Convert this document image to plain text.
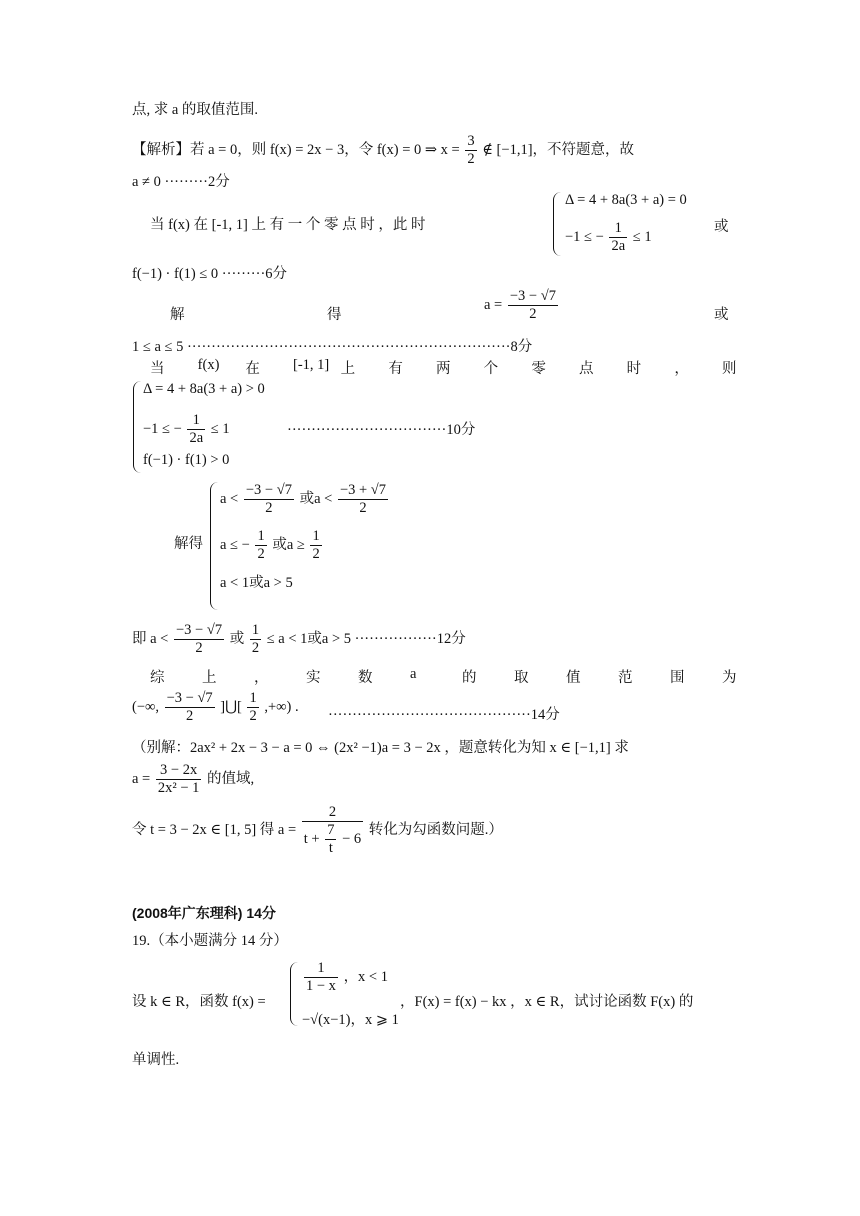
点, 求 a 的取值范围.
【解析】若 a = 0，则 f(x) = 2x − 3，令 f(x) = 0 ⇒ $x = \frac{3}{2}$ ∉ [−1,1]，不符题意，故
a ≠ 0 ·········2分
当 f(x) 在 [-1, 1] 上 有 一 个 零 点 时 ，此 时
Δ = 4 + 8a(3 + a) = 0
−1 ≤ − $\frac{1}{2a} \le 1$
或
f(−1) · f(1) ≤ 0 ·········6分
解	得
$a = \frac{-3 - √7}{2}$	或
1 ≤ a ≤ 5 ···································································8分
当 f(x) 在 [-1, 1] 上 有 两 个 零 点 时 ， 则
Δ = 4 + 8a(3 + a) > 0
−1 ≤ − $\frac{1}{2a} \le 1$	·································10分
f(−1) · f(1) > 0
解得
$a < \frac{-3 - √7}{2}$ 或$a < \frac{-3 + √7}{2}$
a ≤ − $\frac{1}{2}$ 或$a \ge \frac{1}{2}$
a < 1或a > 5
即 $a < \frac{-3 - √7}{2}$ 或 $\frac{1}{2} \le a < 1$或a > 5 ·················12分
综	上	，	实	数	a	的	取	值	范	围	为
(−∞, $\frac{-3 - √7}{2}$ ]⋃[ $\frac{1}{2}$ ,+∞) .
··········································14分
（别解：2ax² + 2x − 3 − a = 0 ⇔ (2x² −1)a = 3 − 2x ，题意转化为知 x ∈ [−1,1] 求
$a = \frac{3 - 2x}{\text{2x² − 1}}$ 的值域,
令 t = 3 − 2x ∈ [1, 5] 得 $a = \frac{2}{t + \frac{7}{t} - 6}$ 转化为勾函数问题.）
(2008年广东理科) 14分
19.（本小题满分 14 分）
设 k ∈ R，函数 f(x) =
$\frac{1}{1 - x}$ ，x < 1
−√(x−1)，x ⩾ 1
，F(x) = f(x) − kx ，x ∈ R，试讨论函数 F(x) 的
单调性.
